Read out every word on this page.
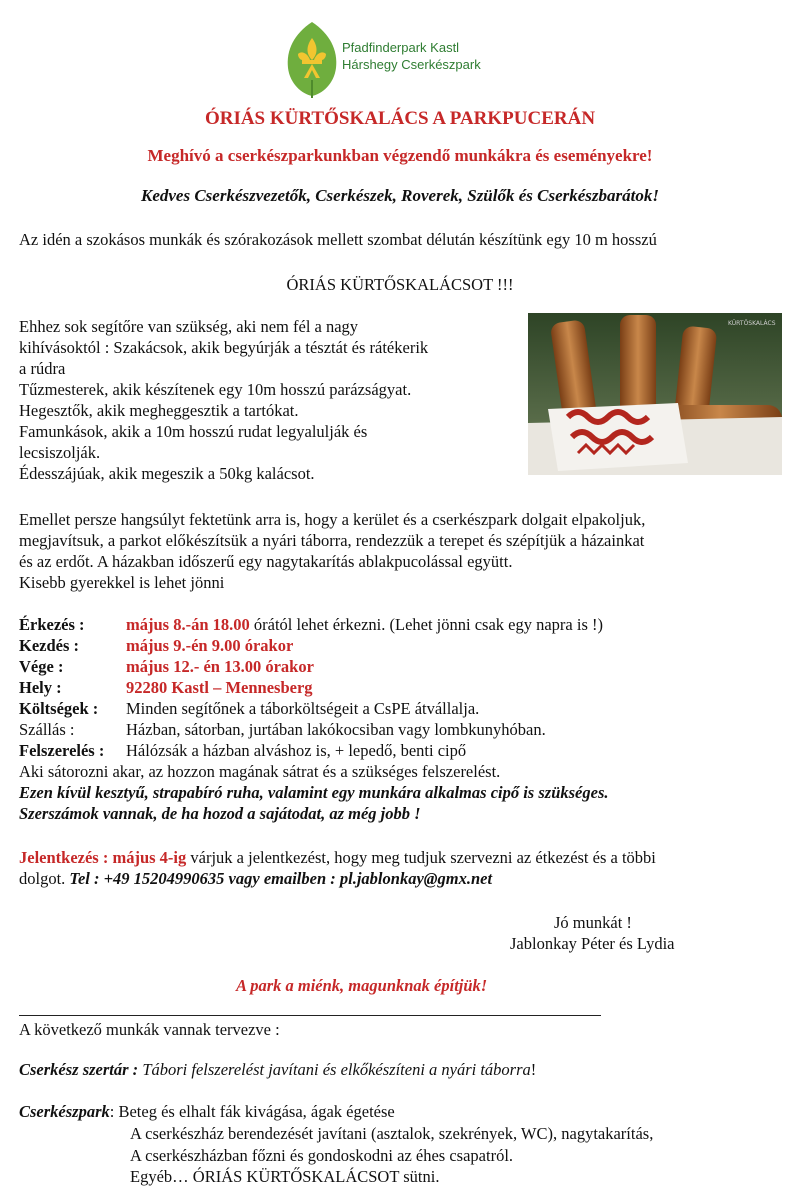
Pfadfinderpark Kastl
Hárshegy Cserkészpark
ÓRIÁS KÜRTŐSKALÁCS A PARKPUCERÁN
Meghívó a cserkészparkunkban végzendő munkákra és eseményekre!
Kedves Cserkészvezetők, Cserkészek, Roverek, Szülők és Cserkészbarátok!
Az idén a szokásos munkák és szórakozások mellett szombat délután készítünk egy 10 m hosszú
ÓRIÁS KÜRTŐSKALÁCSOT !!!
Ehhez sok segítőre van szükség, aki nem fél a nagy
kihívásoktól : Szakácsok, akik begyúrják a tésztát és rátékerik
a rúdra
Tűzmesterek, akik készítenek egy 10m hosszú parázságyat.
Hegesztők, akik megheggesztik a tartókat.
Famunkások, akik a 10m hosszú rudat legyalulják és
lecsiszolják.
Édesszájúak, akik megeszik a 50kg kalácsot.
KÜRTŐSKALÁCS
Emellet persze hangsúlyt fektetünk arra is, hogy a kerület és a cserkészpark dolgait elpakoljuk,
megjavítsuk, a parkot előkészítsük a nyári táborra, rendezzük a terepet és szépítjük a házainkat
és az erdőt. A házakban időszerű egy nagytakarítás ablakpucolással együtt.
Kisebb gyerekkel is lehet jönni
Érkezés :	május 8.-án 18.00 órától lehet érkezni. (Lehet jönni csak egy napra is !)
Kezdés :	május 9.-én 9.00 órakor
Vége :	május 12.- én 13.00 órakor
Hely :	92280 Kastl – Mennesberg
Költségek : Minden segítőnek a táborköltségeit a CsPE átvállalja.
Szállás :	Házban, sátorban, jurtában lakókocsiban vagy lombkunyhóban.
Felszerelés : Hálózsák a házban alváshoz is, + lepedő, benti cipő
Aki sátorozni akar, az hozzon magának sátrat és a szükséges felszerelést.
Ezen kívül kesztyű, strapabíró ruha, valamint egy munkára alkalmas cipő is szükséges.
Szerszámok vannak, de ha hozod a sajátodat, az még jobb !
Jelentkezés : május 4-ig várjuk a jelentkezést, hogy meg tudjuk szervezni az étkezést és a többi
dolgot. Tel : +49 15204990635 vagy emailben : pl.jablonkay@gmx.net
Jó munkát !
Jablonkay Péter és Lydia
A park a miénk, magunknak építjük!
A következő munkák vannak tervezve :
Cserkész szertár : Tábori felszerelést javítani és elkőkészíteni a nyári táborra!
Cserkészpark: Beteg és elhalt fák kivágása, ágak égetése
A cserkészház berendezését javítani (asztalok, szekrények, WC), nagytakarítás,
A cserkészházban főzni és gondoskodni az éhes csapatról.
Egyéb… ÓRIÁS KÜRTŐSKALÁCSOT sütni.
